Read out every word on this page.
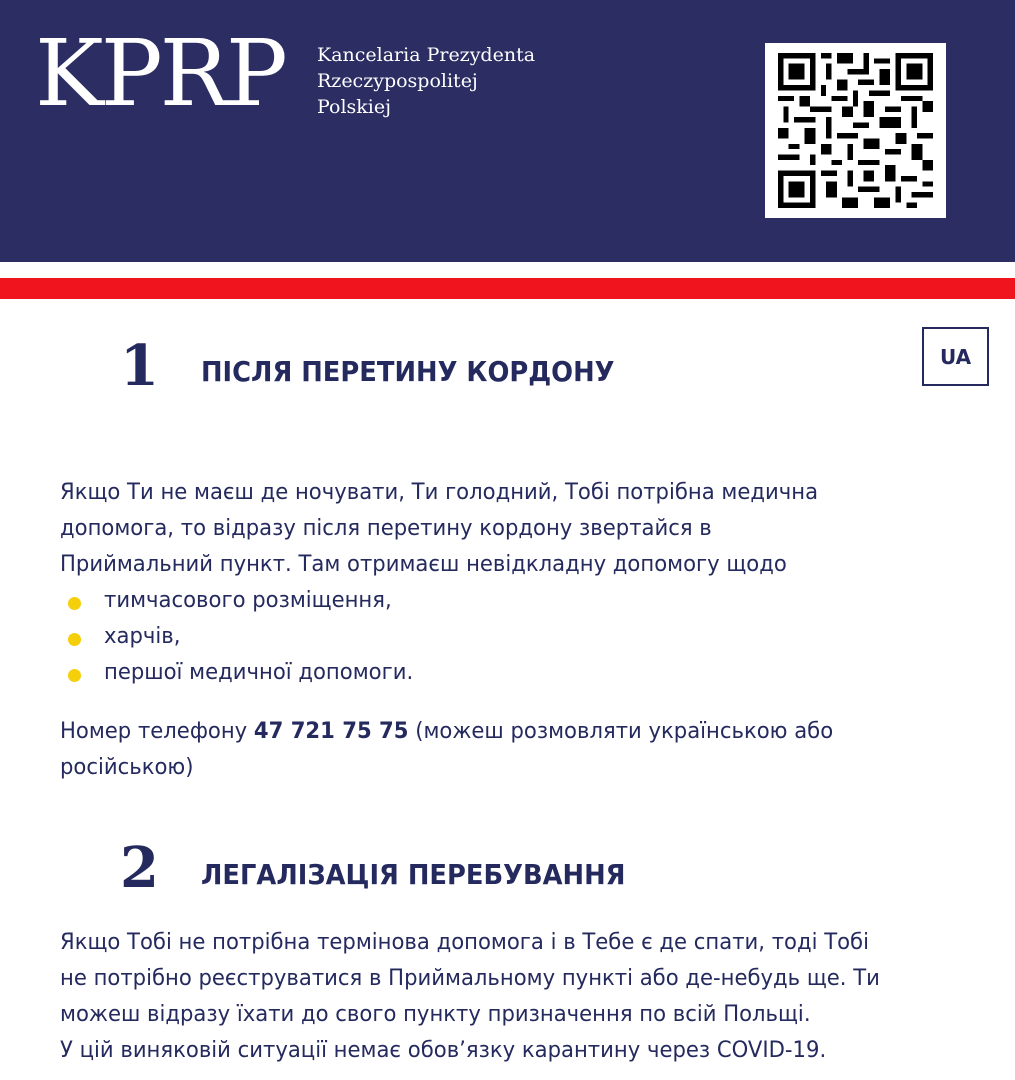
KPRP Kancelaria Prezydenta
Rzeczypospolitej
Polskiej
UA
1 ПІСЛЯ ПЕРЕТИНУ КОРДОНУ
Якщо Ти не маєш де ночувати, Ти голодний, Тобі потрібна медична
допомога, то відразу після перетину кордону звертайся в
Приймальний пункт. Там отримаєш невідкладну допомогу щодо
тимчасового розміщення,
харчів,
першої медичної допомоги.
Номер телефону 47 721 75 75 (можеш розмовляти українською або
російською)
2 ЛЕГАЛІЗАЦІЯ ПЕРЕБУВАННЯ
Якщо Тобі не потрібна термінова допомога і в Тебе є де спати, тоді Тобі
не потрібно реєструватися в Приймальному пункті або де-небудь ще. Ти
можеш відразу їхати до свого пункту призначення по всій Польщі.
У цій виняковій ситуації немає обов’язку карантину через COVID-19.
